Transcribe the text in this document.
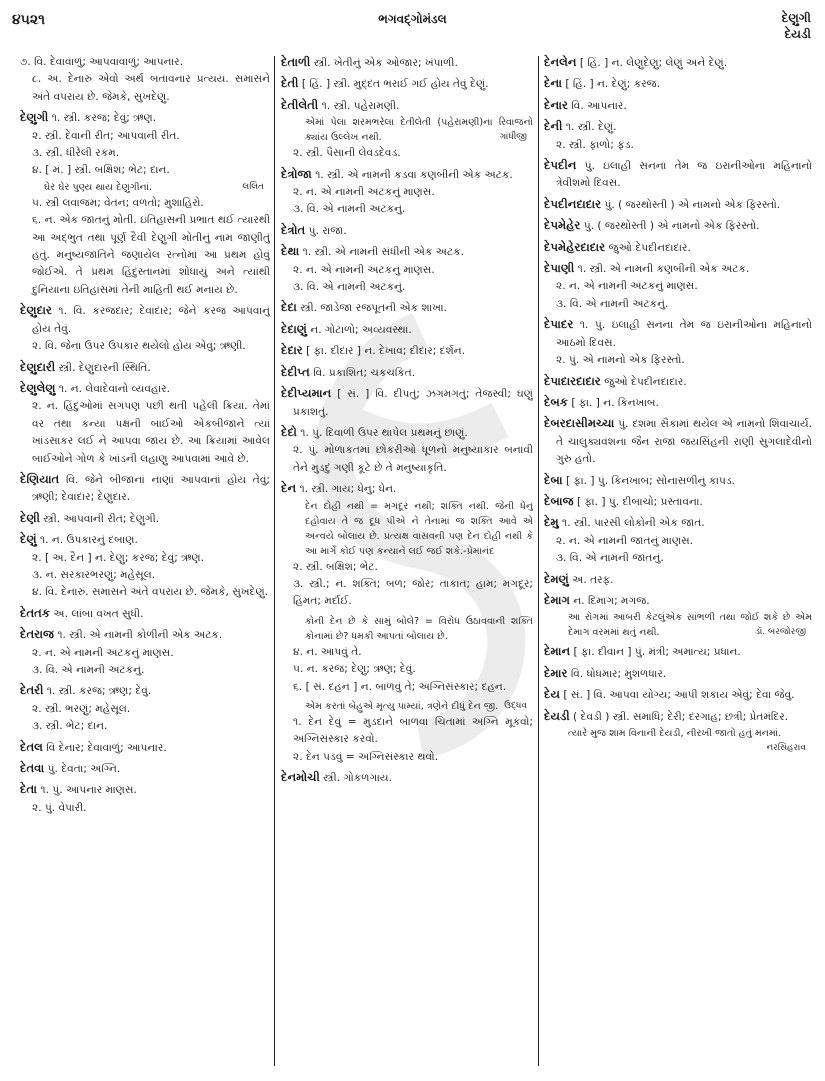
૪૫૨૧	ભગવદ્ગોમંડલ	દેણુગી
દેયડી
૭. વિ. દેવાવાળું; આપવાવાળું; આપનાર.
૮. અ. દેનારું એવો અર્થ બતાવનાર પ્રત્યય. સમાસને અંતે વપરાય છે. જેમકે, સુખદેણુ.
દેણુગી ૧. સ્ત્રી. કરજ; દેવું; ઋણ.
૨. સ્ત્રી. દેવાની રીત; આપવાની રીત.
૩. સ્ત્રી. ધીરેલી રકમ.
૪. [ મં. ] સ્ત્રી. બક્ષિશ; ભેટ; દાન.
ઘેર ઘેર પુણ્ય થાય દેણુગીનાં.	લલિત
૫. સ્ત્રી લવાજમ; વેતન; વળતો; મુશાહિરો.
૬. ન. એક જાતનું મોતી. ઇતિહાસની પ્રભાત થઈ ત્યારથી આ અદ્ભુત તથા પૂર્ણ દૈવી દેણુગી મોતીનું નામ જાણીતું હતું. મનુષ્યજાતિને જણાયેલ રત્નોમાં આ પ્રથમ હોવું જોઈએ. તે પ્રથમ હિંદુસ્તાનમાં શોધાયું અને ત્યાંથી દુનિયાના ઇતિહાસમાં તેની માહિતી થઈ મનાય છે.
દેણુદાર ૧. વિ. કરજદાર; દેવાદાર; જેને કરજ આપવાનું હોય તેવું.
૨. વિ. જેના ઉપર ઉપકાર થયેલો હોય એવું; ઋણી.
દેણુદારી સ્ત્રી. દેણુદારની સ્થિતિ.
દેણુલેણુ ૧. ન. લેવાદેવાનો વ્યવહાર.
૨. ન. હિંદુઓમાં સગપણ પછી થતી પહેલી ક્રિયા. તેમાં વર તથા કન્યા પક્ષની બાઈઓ એકબીજાને ત્યાં ખાંડસાકર લઈ ને આપવા જાય છે. આ ક્રિયામાં આવેલ બાઈઓને ગોળ કે ખાંડની લહાણુ આપવામાં આવે છે.
દેણિયાત વિ. જેને બીજાનાં નાણાં આપવાનાં હોય તેવું; ઋણી; દેવાદાર; દેણુદાર.
દેણી સ્ત્રી. આપવાની રીત; દેણુગી.
દેણું ૧. ન. ઉપકારનું દબાણ.
૨. [ અ. દૈન ] ન. દેણુ; કરજ; દેવું; ઋણ.
૩. ન. સરકારભરણું; મહેસૂલ.
૪. વિ. દેનારું. સમાસને અંતે વપરાય છે. જેમકે, સુખદેણું.
દેતતક અ. લાંબા વખત સુધી.
દેતરાજ ૧. સ્ત્રી. એ નામની કોળીની એક અટક.
૨. ન. એ નામની અટકનું માણસ.
૩. વિ. એ નામની અટકનું.
દેતરી ૧. સ્ત્રી. કરજ; ઋણ; દેવું.
૨. સ્ત્રી. ભરણું; મહેસૂલ.
૩. સ્ત્રી. ભેટ; દાન.
દેતલ વિ દેનાર; દેવાવાળું; આપનાર.
દેતવા પું. દેવતા; અગ્નિ.
દેતા ૧. પું. આપનાર માણસ.
૨. પું. વેપારી.
દેતાળી સ્ત્રી. ખેતીનું એક ઓજાર; ખંપાળી.
દેતી [ હિં. ] સ્ત્રી. મુદ્દત ભરાઈ ગઈ હોય તેવું દેણું.
દેતીલેતી ૧. સ્ત્રી. પહેરામણી.
એમાં પેલા શરમભરેલા દેતીલેતી (પહેરામણી)ના રિવાજનો ક્યાંય ઉલ્લેખ નથી.	ગાંધીજી
૨. સ્ત્રી. પૈસાની લેવડદેવડ.
દેત્રોજા ૧. સ્ત્રી. એ નામની કડવા કણબીની એક અટક.
૨. ન. એ નામની અટકનું માણસ.
૩. વિ. એ નામની અટકનું.
દેત્રોત પું. રાજા.
દેથા ૧. સ્ત્રી. એ નામની સંધીની એક અટક.
૨. ન. એ નામની અટકનું માણસ.
૩. વિ. એ નામની અટકનું.
દેદા સ્ત્રી. જાડેજા રજપૂતની એક શાખા.
દેદાણું ન. ગોટાળો; અવ્યવસ્થા.
દેદાર [ ફા. દીદાર ] ન. દેખાવ; દીદાર; દર્શન.
દેદીપ્ત વિ. પ્રકાશિત; ચકચકિત.
દેદીપ્યમાન [ સં. ] વિ. દીપતું; ઝગમગતું; તેજસ્વી; ઘણું પ્રકાશતું.
દેદો ૧. પું. દિવાળી ઉપર થાપેલ પ્રથમનું છાણું.
૨. પું. મોળાકતમાં છોકરીઓ ધૂળનો મનુષ્યાકાર બનાવી તેને મુડદું ગણી કૂટે છે તે મનુષ્યાકૃતિ.
દેન ૧. સ્ત્રી. ગાય; ધેનુ; ધેન.
દેન દોહી નથી = મગદૂર નથી; શક્તિ નથી. જેની ધેનુ દહોવાય તે જ દૂધ પીએ ને તેનામાં જ શક્તિ આવે એ અન્વયે બોલાય છે. પ્રત્યક્ષ વાસવની પણ દેન દોહી નથી કે આ માર્ગે કોઈ પણ કન્યાને લઈ જઈ શકે.-પ્રેમાનંદ
૨. સ્ત્રી. બક્ષિશ; ભેટ.
૩. સ્ત્રી.; ન. શક્તિ; બળ; જોર; તાકાત; હામ; મગદૂર; હિંમત; મર્દાઈ.
કોની દેન છે કે સામું બોલે? = વિરોધ ઉઠાવવાની શક્તિ કોનામાં છે? ધમકી આપતાં બોલાય છે.
૪. ન. આપવું તે.
૫. ન. કરજ; દેણુ; ઋણ; દેવું.
૬. [ સં. દહન ] ન. બાળવું તે; અગ્નિસંસ્કાર; દહન.
એમ કરતાં બેહુએ મૃત્યુ પામ્યાં, ત્રણેને દીધું દેન જી. ઉદ્ધવ
૧. દેન દેવું = મુડદાને બાળવા ચિતામાં અગ્નિ મૂકવો; અગ્નિસંસ્કાર કરવો.
૨. દેન પડવું = અગ્નિસંસ્કાર થવો.
દેનમોચી સ્ત્રી. ગોકળગાય.
દેનલેન [ હિં. ] ન. લેણુદેણુ; લેણું અને દેણું.
દેના [ હિં. ] ન. દેણું; કરજ.
દેનાર વિ. આપનાર.
દેની ૧. સ્ત્રી. દેણું.
૨. સ્ત્રી. ફાળો; ફંડ.
દેપદીન પું. ઇલાહી સનના તેમ જ ઇરાનીઓના મહિનાનો ત્રેવીશમો દિવસ.
દેપદીનદાદાર પું. ( જરથોસ્તી ) એ નામનો એક ફિરસ્તો.
દેપમેહેર પું. ( જરથોસ્તી ) એ નામનો એક ફિરસ્તો.
દેપમેહેરદાદાર જુઓ દેપદીનદાદાર.
દેપાણી ૧. સ્ત્રી. એ નામની કણબીની એક અટક.
૨. ન. એ નામની અટકનું માણસ.
૩. વિ. એ નામની અટકનું.
દેપાદર ૧. પું. ઇલાહી સનના તેમ જ ઇરાનીઓના મહિનાનો આઠમો દિવસ.
૨. પું. એ નામનો એક ફિરસ્તો.
દેપાદારદાદાર જુઓ દેપદીનદાદાર.
દેબક [ ફા. ] ન. કિનખાબ.
દેબરદાસીમચ્ચા પું. દશમા સૈકામાં થયેલ એ નામનો શિવાચાર્ય. તે ચાલુક્યવંશના જૈન રાજા જયસિંહની રાણી સુગલાદેવીનો ગુરુ હતો.
દેબા [ ફા. ] પું. કિનખાબ; સોનાસળીનું કાપડ.
દેબાજ [ ફા. ] પું. દીબાચો; પ્રસ્તાવના.
દેમુ ૧. સ્ત્રી. પારસી લોકોની એક જાત.
૨. ન. એ નામની જાતનું માણસ.
૩. વિ. એ નામની જાતનું.
દેમણું અ. તરફ.
દેમાગ ન. દિમાગ; મગજ.
આ રોગમાં આબરી કેટલુંએક સાંભળી તથા જોઈ શકે છે એમ દેમાગ વરમમાં થતું નથી.	ડૉ. બરજોરજી
દેમાન [ ફા. દીવાન ] પું. મંત્રી; અમાત્ય; પ્રધાન.
દેમાર વિ. ધોધમાર; મુશળધાર.
દેય [ સં. ] વિ. આપવા યોગ્ય; આપી શકાય એવું; દેવા જેવું.
દેયડી ( દેવડી ) સ્ત્રી. સમાધિ; દેરી; દરગાહ; છત્રી; પ્રેતમંદિર.
ત્યારે મુજ શામ વિનાની દેયડી, નીરખી જાતો હતું મનમાં.
નરસિંહરાવ
